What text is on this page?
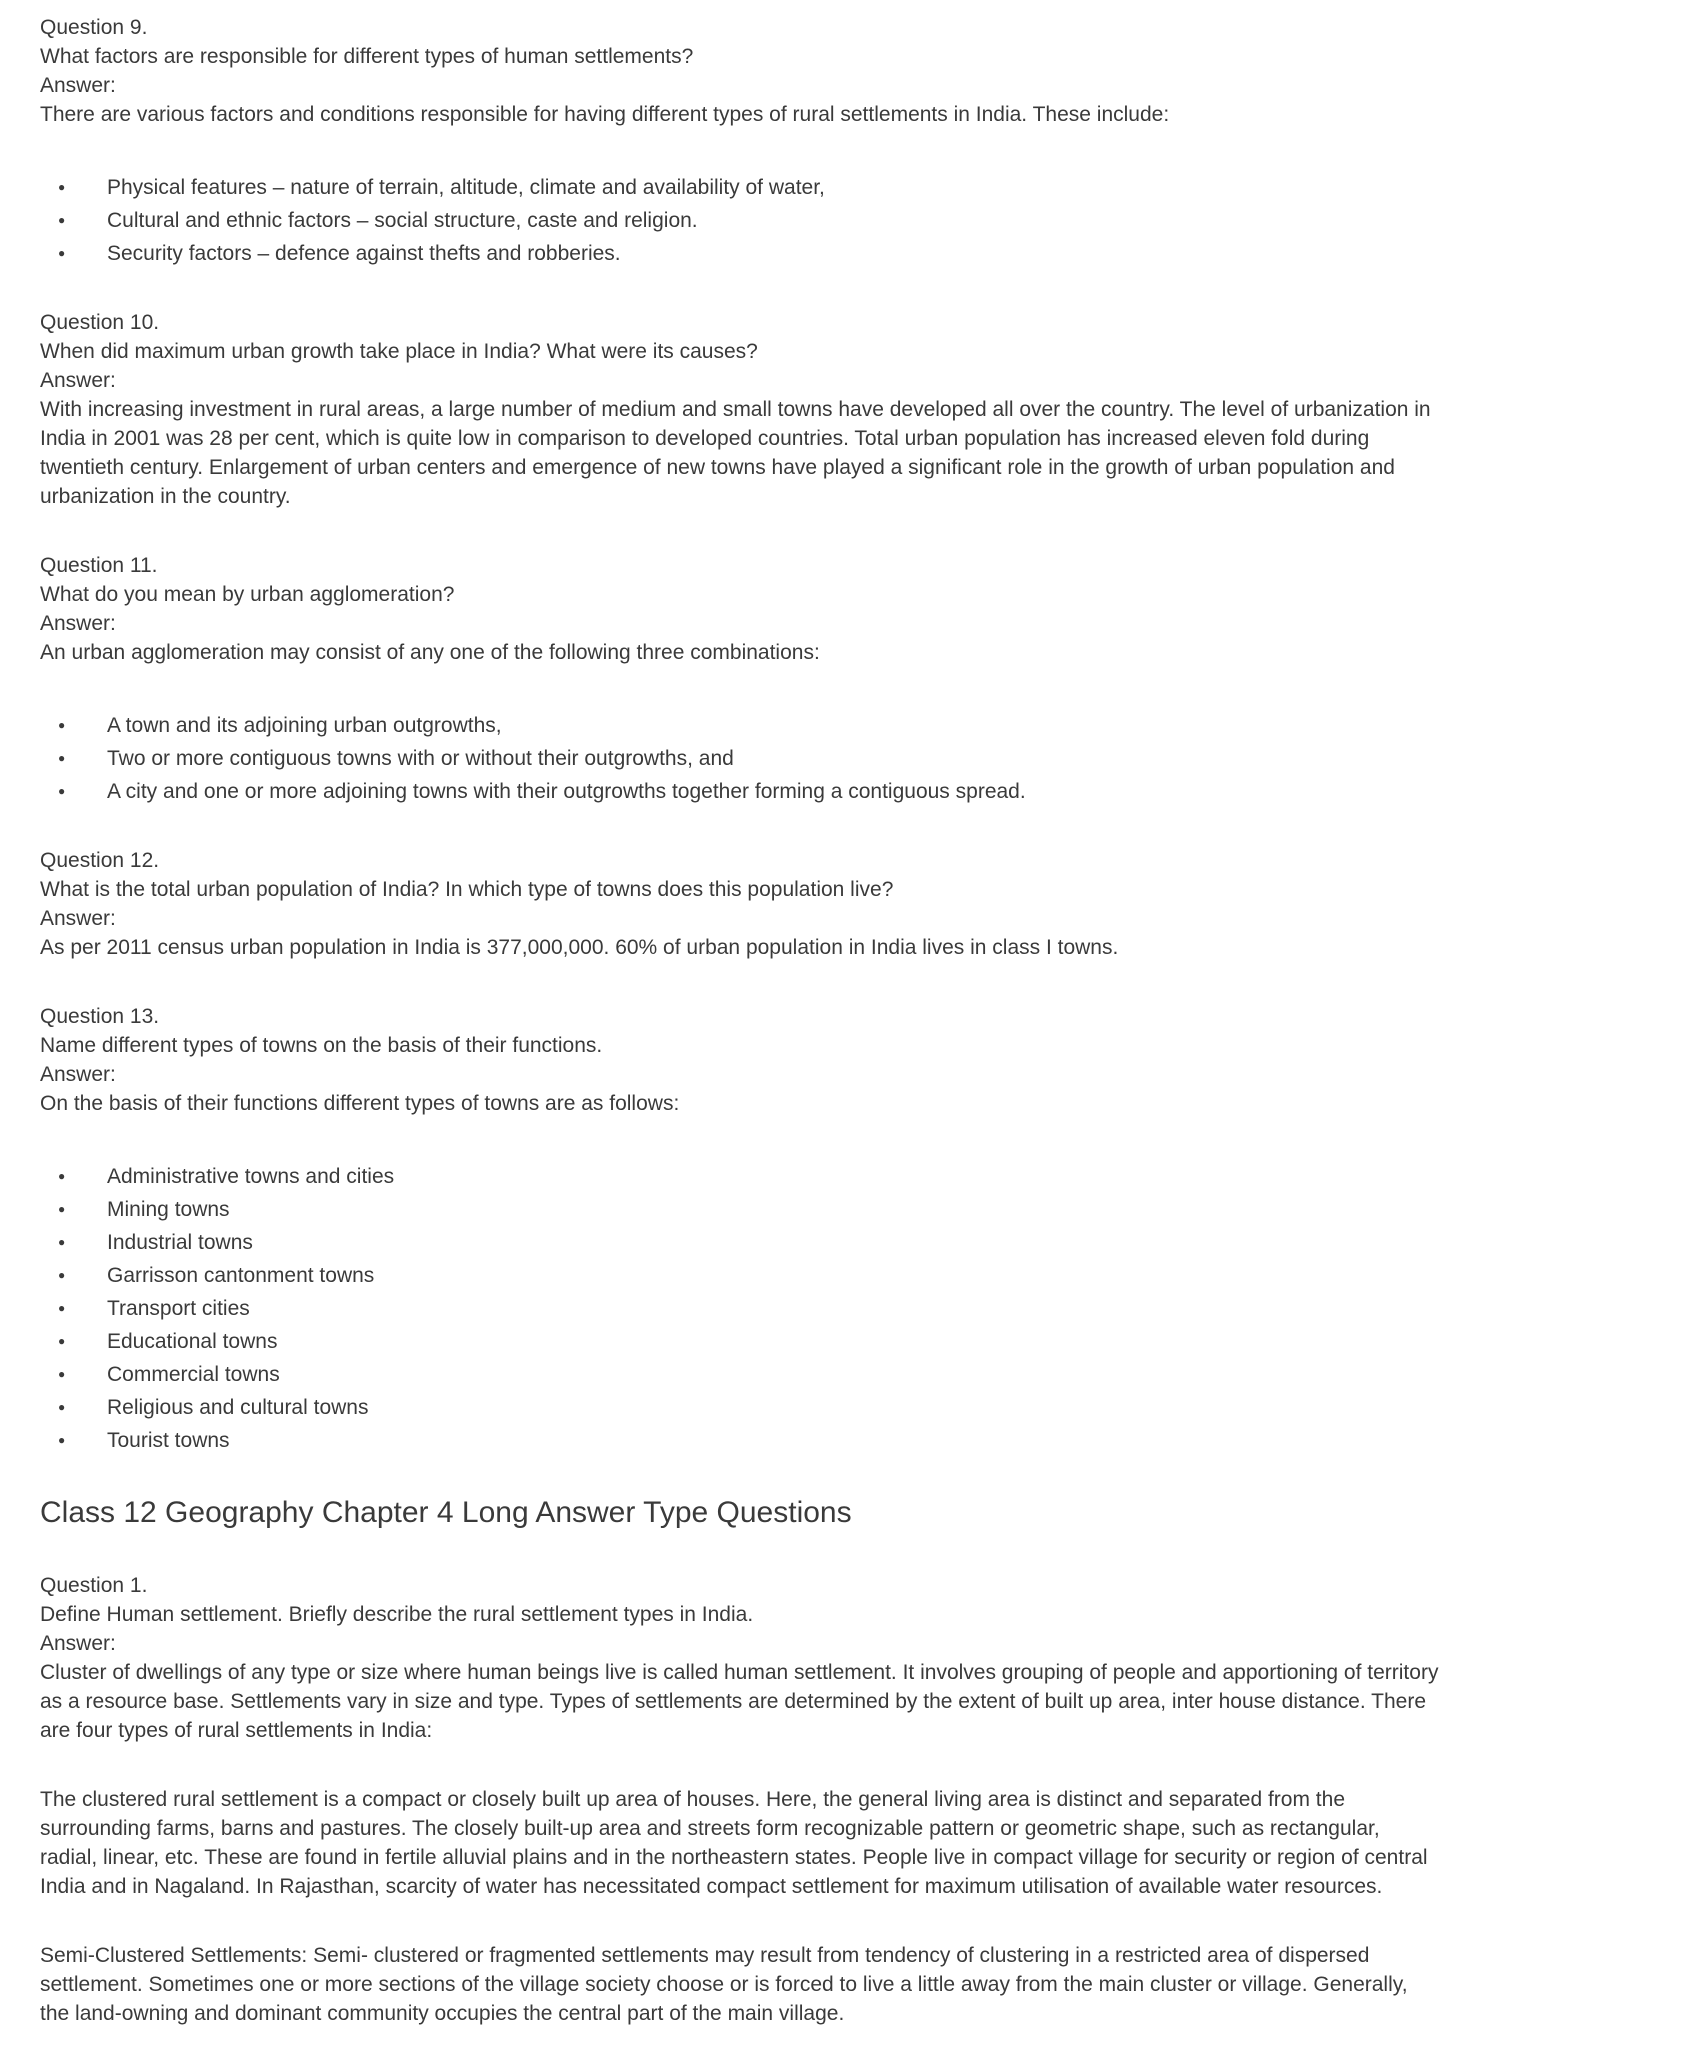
Question 9.
What factors are responsible for different types of human settlements?
Answer:
There are various factors and conditions responsible for having different types of rural settlements in India. These include:
● Physical features – nature of terrain, altitude, climate and availability of water,
● Cultural and ethnic factors – social structure, caste and religion.
● Security factors – defence against thefts and robberies.
Question 10.
When did maximum urban growth take place in India? What were its causes?
Answer:
With increasing investment in rural areas, a large number of medium and small towns have developed all over the country. The level of urbanization in India in 2001 was 28 per cent, which is quite low in comparison to developed countries. Total urban population has increased eleven fold during twentieth century. Enlargement of urban centers and emergence of new towns have played a significant role in the growth of urban population and urbanization in the country.
Question 11.
What do you mean by urban agglomeration?
Answer:
An urban agglomeration may consist of any one of the following three combinations:
● A town and its adjoining urban outgrowths,
● Two or more contiguous towns with or without their outgrowths, and
● A city and one or more adjoining towns with their outgrowths together forming a contiguous spread.
Question 12.
What is the total urban population of India? In which type of towns does this population live?
Answer:
As per 2011 census urban population in India is 377,000,000. 60% of urban population in India lives in class I towns.
Question 13.
Name different types of towns on the basis of their functions.
Answer:
On the basis of their functions different types of towns are as follows:
● Administrative towns and cities
● Mining towns
● Industrial towns
● Garrisson cantonment towns
● Transport cities
● Educational towns
● Commercial towns
● Religious and cultural towns
● Tourist towns
Class 12 Geography Chapter 4 Long Answer Type Questions
Question 1.
Define Human settlement. Briefly describe the rural settlement types in India.
Answer:
Cluster of dwellings of any type or size where human beings live is called human settlement. It involves grouping of people and apportioning of territory as a resource base. Settlements vary in size and type. Types of settlements are determined by the extent of built up area, inter house distance. There are four types of rural settlements in India:

The clustered rural settlement is a compact or closely built up area of houses. Here, the general living area is distinct and separated from the surrounding farms, barns and pastures. The closely built-up area and streets form recognizable pattern or geometric shape, such as rectangular, radial, linear, etc. These are found in fertile alluvial plains and in the northeastern states. People live in compact village for security or region of central India and in Nagaland. In Rajasthan, scarcity of water has necessitated compact settlement for maximum utilisation of available water resources.

Semi-Clustered Settlements: Semi- clustered or fragmented settlements may result from tendency of clustering in a restricted area of dispersed settlement. Sometimes one or more sections of the village society choose or is forced to live a little away from the main cluster or village. Generally, the land-owning and dominant community occupies the central part of the main village.
